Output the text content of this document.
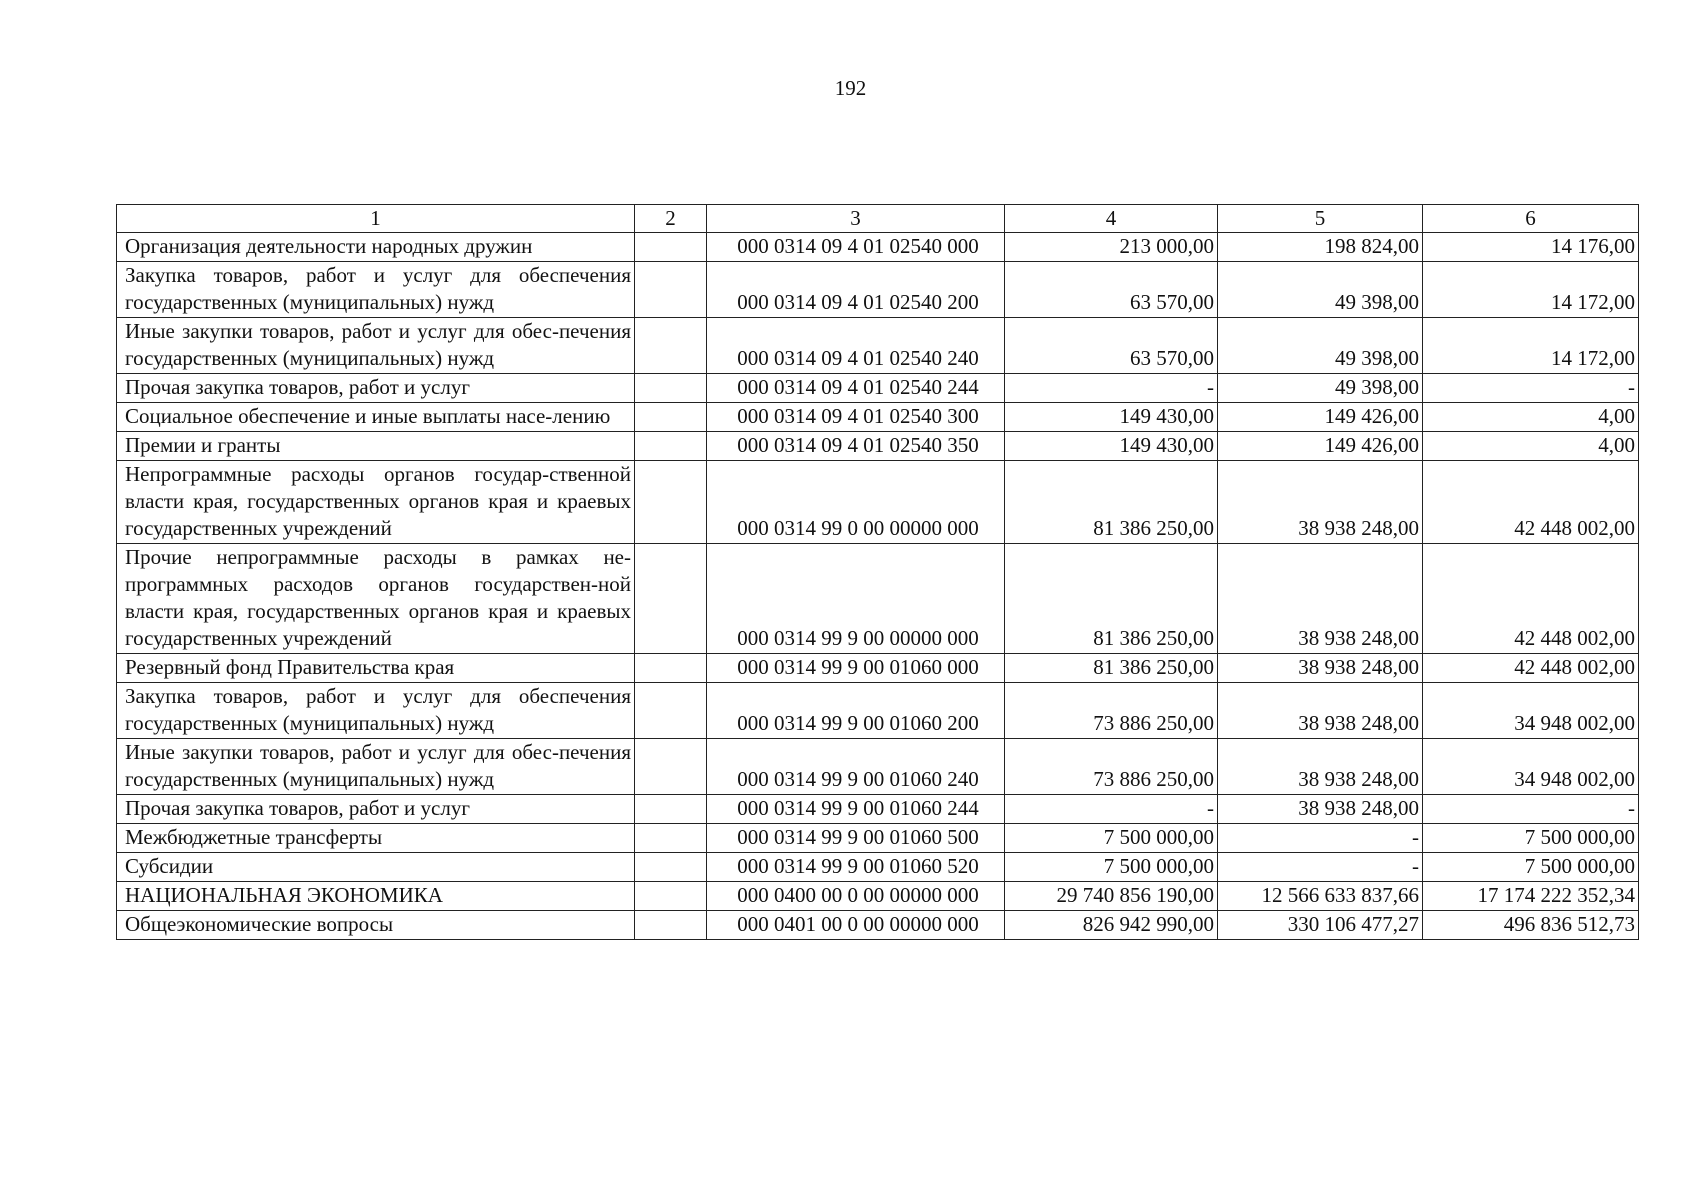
192
1	2	3	4	5	6
Организация деятельности народных дружин		000 0314 09 4 01 02540 000	213 000,00	198 824,00	14 176,00
Закупка товаров, работ и услуг для обеспечения государственных (муниципальных) нужд		000 0314 09 4 01 02540 200	63 570,00	49 398,00	14 172,00
Иные закупки товаров, работ и услуг для обес-печения государственных (муниципальных) нужд		000 0314 09 4 01 02540 240	63 570,00	49 398,00	14 172,00
Прочая закупка товаров, работ и услуг		000 0314 09 4 01 02540 244	-	49 398,00	-
Социальное обеспечение и иные выплаты насе-лению		000 0314 09 4 01 02540 300	149 430,00	149 426,00	4,00
Премии и гранты		000 0314 09 4 01 02540 350	149 430,00	149 426,00	4,00
Непрограммные расходы органов государ-ственной власти края, государственных органов края и краевых государственных учреждений		000 0314 99 0 00 00000 000	81 386 250,00	38 938 248,00	42 448 002,00
Прочие непрограммные расходы в рамках не-программных расходов органов государствен-ной власти края, государственных органов края и краевых государственных учреждений		000 0314 99 9 00 00000 000	81 386 250,00	38 938 248,00	42 448 002,00
Резервный фонд Правительства края		000 0314 99 9 00 01060 000	81 386 250,00	38 938 248,00	42 448 002,00
Закупка товаров, работ и услуг для обеспечения государственных (муниципальных) нужд		000 0314 99 9 00 01060 200	73 886 250,00	38 938 248,00	34 948 002,00
Иные закупки товаров, работ и услуг для обес-печения государственных (муниципальных) нужд		000 0314 99 9 00 01060 240	73 886 250,00	38 938 248,00	34 948 002,00
Прочая закупка товаров, работ и услуг		000 0314 99 9 00 01060 244	-	38 938 248,00	-
Межбюджетные трансферты		000 0314 99 9 00 01060 500	7 500 000,00	-	7 500 000,00
Субсидии		000 0314 99 9 00 01060 520	7 500 000,00	-	7 500 000,00
НАЦИОНАЛЬНАЯ ЭКОНОМИКА		000 0400 00 0 00 00000 000	29 740 856 190,00	12 566 633 837,66	17 174 222 352,34
Общеэкономические вопросы		000 0401 00 0 00 00000 000	826 942 990,00	330 106 477,27	496 836 512,73
